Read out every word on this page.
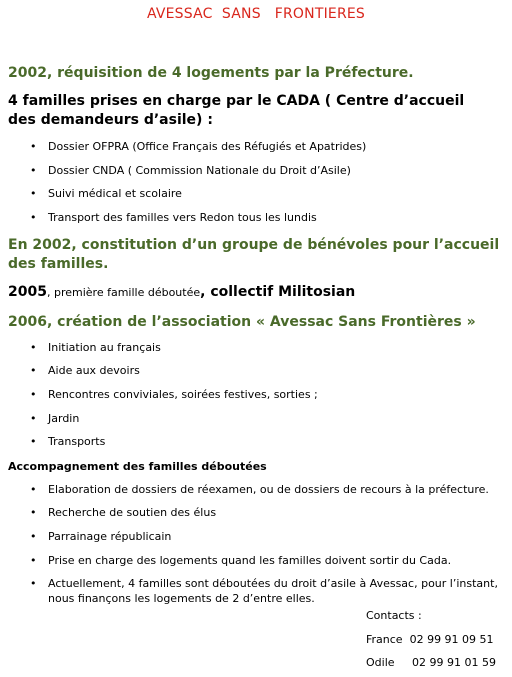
AVESSAC  SANS   FRONTIERES
2002, réquisition de 4 logements par la Préfecture.
4 familles prises en charge par le CADA ( Centre d’accueil des demandeurs d’asile) :
• Dossier OFPRA (Office Français des Réfugiés et Apatrides)
• Dossier CNDA ( Commission Nationale du Droit d’Asile)
• Suivi médical et scolaire
• Transport des familles vers Redon tous les lundis
En 2002, constitution d’un groupe de bénévoles pour l’accueil des familles.
2005, première famille déboutée, collectif Militosian
2006, création de l’association « Avessac Sans Frontières »
• Initiation au français
• Aide aux devoirs
• Rencontres conviviales, soirées festives, sorties ;
• Jardin
• Transports
Accompagnement des familles déboutées
• Elaboration de dossiers de réexamen, ou de dossiers de recours à la préfecture.
• Recherche de soutien des élus
• Parrainage républicain
• Prise en charge des logements quand les familles doivent sortir du Cada.
• Actuellement, 4 familles sont déboutées du droit d’asile à Avessac, pour l’instant, nous finançons les logements de 2 d’entre elles.
Contacts :
France  02 99 91 09 51
Odile     02 99 91 01 59
